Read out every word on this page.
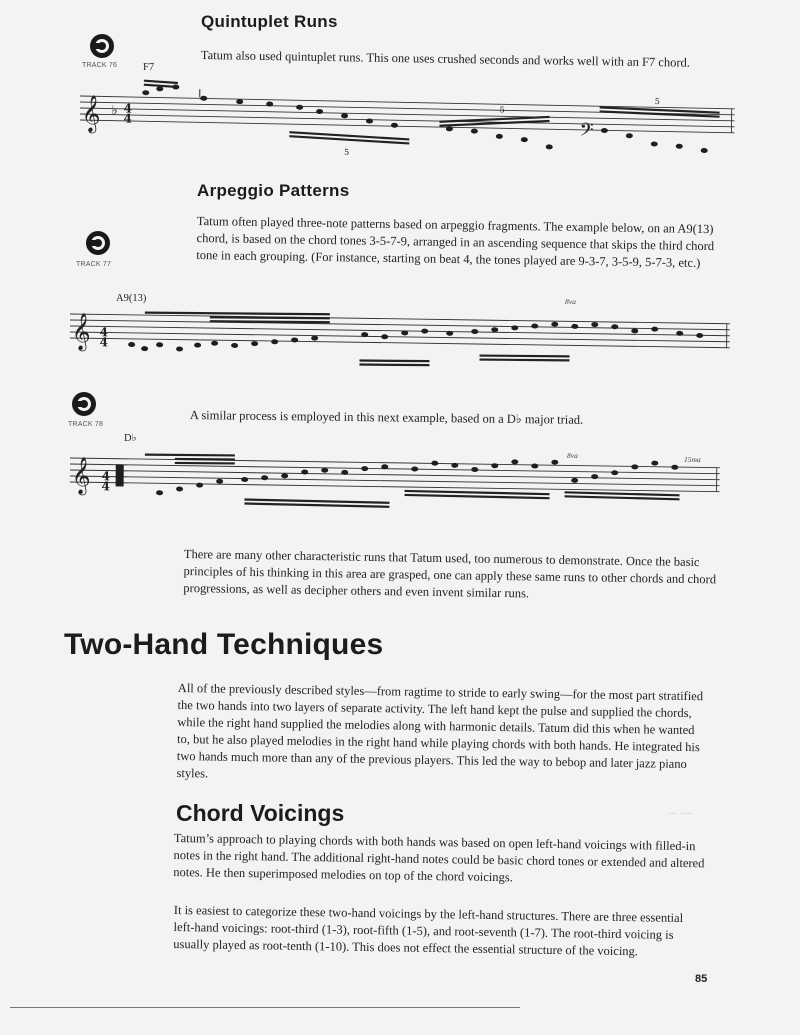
Quintuplet Runs
TRACK 76	Tatum also used quintuplet runs. This one uses crushed seconds and works well with an F7 chord.
F7
𝄞 ♭ 4
4
5
5
𝄢
5
Arpeggio Patterns
Tatum often played three-note patterns based on arpeggio fragments. The example below, on an A9(13) chord, is based on the chord tones 3-5-7-9, arranged in an ascending sequence that skips the third chord tone in each grouping. (For instance, starting on beat 4, the tones played are 9-3-7, 3-5-9, 5-7-3, etc.)
TRACK 77
A9(13)	8va
𝄞 4
4
TRACK 78	A similar process is employed in this next example, based on a D♭ major triad.
D♭
8va	15ma
𝄞 4
4
There are many other characteristic runs that Tatum used, too numerous to demonstrate. Once the basic principles of his thinking in this area are grasped, one can apply these same runs to other chords and chord progressions, as well as decipher others and even invent similar runs.
Two-Hand Techniques
All of the previously described styles—from ragtime to stride to early swing—for the most part stratified the two hands into two layers of separate activity. The left hand kept the pulse and supplied the chords, while the right hand supplied the melodies along with harmonic details. Tatum did this when he wanted to, but he also played melodies in the right hand while playing chords with both hands. He integrated his two hands much more than any of the previous players. This led the way to bebop and later jazz piano styles.
Chord Voicings	··· ·····
Tatum’s approach to playing chords with both hands was based on open left-hand voicings with filled-in notes in the right hand. The additional right-hand notes could be basic chord tones or extended and altered notes. He then superimposed melodies on top of the chord voicings.
It is easiest to categorize these two-hand voicings by the left-hand structures. There are three essential left-hand voicings: root-third (1-3), root-fifth (1-5), and root-seventh (1-7). The root-third voicing is usually played as root-tenth (1-10). This does not effect the essential structure of the voicing.
85
